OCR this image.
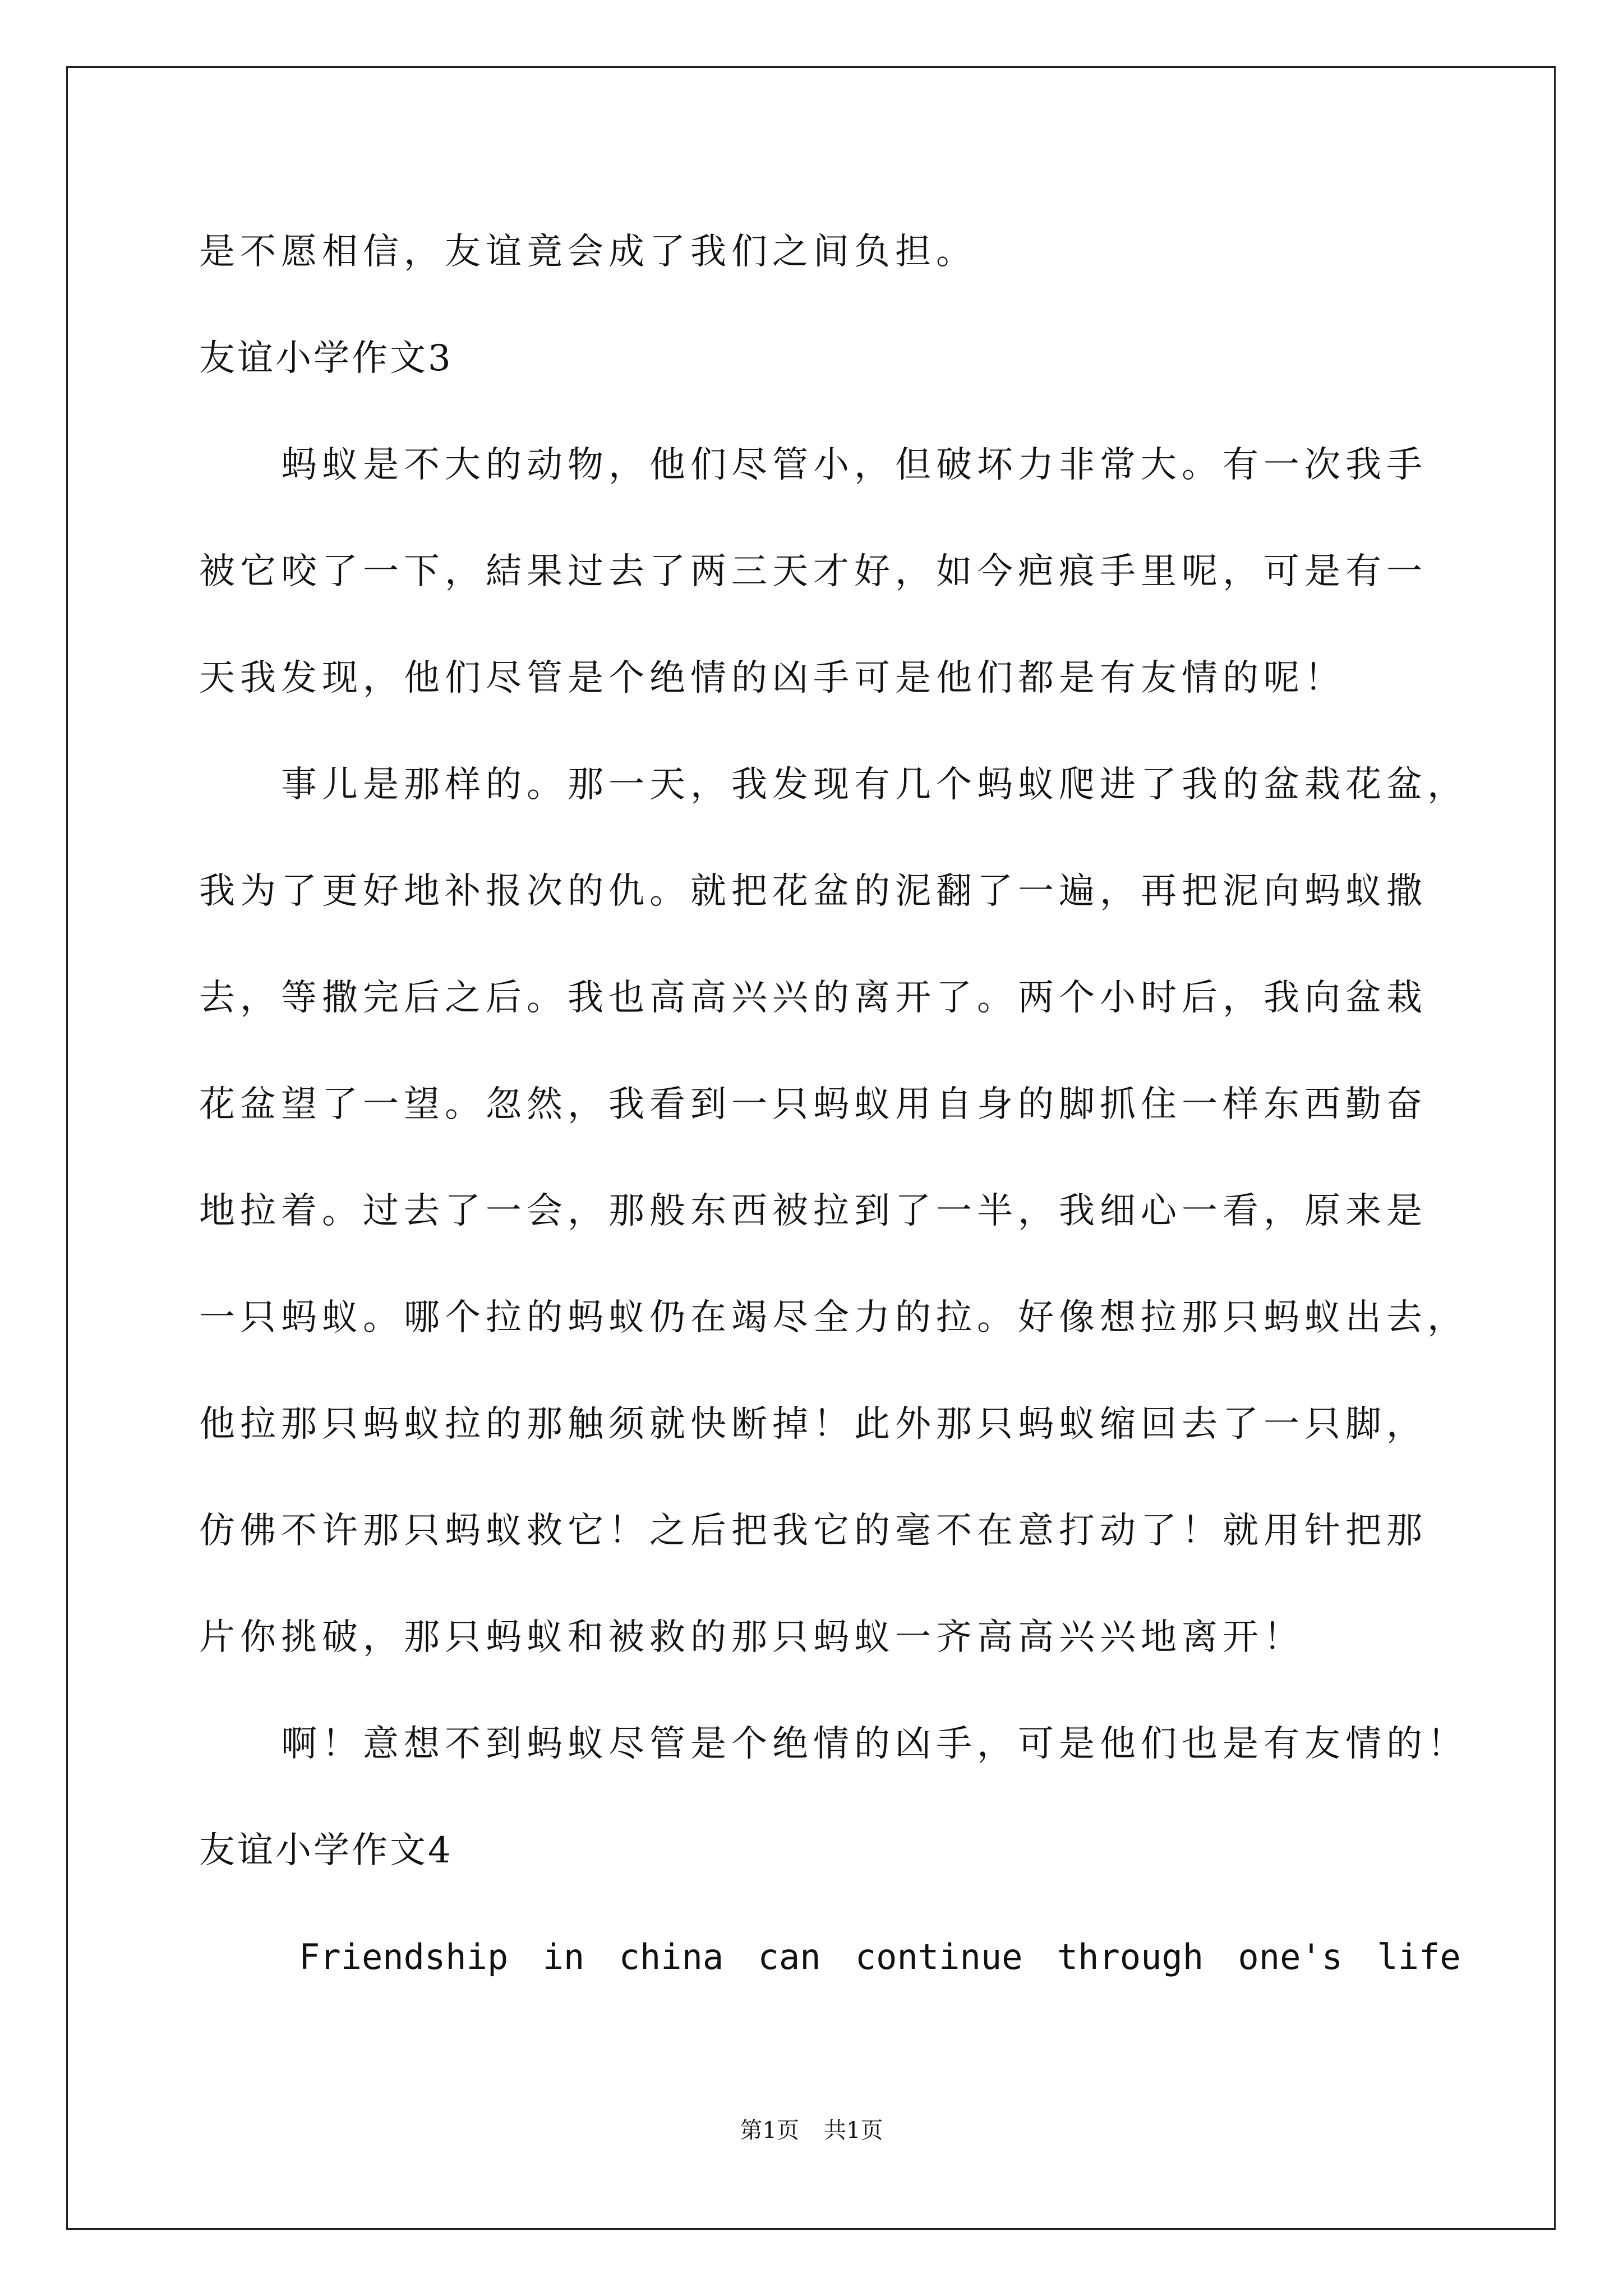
是不愿相信，友谊竟会成了我们之间负担。
友谊小学作文3
蚂蚁是不大的动物，他们尽管小，但破坏力非常大。有一次我手
被它咬了一下，結果过去了两三天才好，如今疤痕手里呢，可是有一
天我发现，他们尽管是个绝情的凶手可是他们都是有友情的呢！
事儿是那样的。那一天，我发现有几个蚂蚁爬进了我的盆栽花盆，
我为了更好地补报次的仇。就把花盆的泥翻了一遍，再把泥向蚂蚁撒
去，等撒完后之后。我也高高兴兴的离开了。两个小时后，我向盆栽
花盆望了一望。忽然，我看到一只蚂蚁用自身的脚抓住一样东西勤奋
地拉着。过去了一会，那般东西被拉到了一半，我细心一看，原来是
一只蚂蚁。哪个拉的蚂蚁仍在竭尽全力的拉。好像想拉那只蚂蚁出去，
他拉那只蚂蚁拉的那触须就快断掉！此外那只蚂蚁缩回去了一只脚，
仿佛不许那只蚂蚁救它！之后把我它的毫不在意打动了！就用针把那
片你挑破，那只蚂蚁和被救的那只蚂蚁一齐高高兴兴地离开！
啊！意想不到蚂蚁尽管是个绝情的凶手，可是他们也是有友情的！
友谊小学作文4
Friendship in china can continue through one's life
第1页 共1页
